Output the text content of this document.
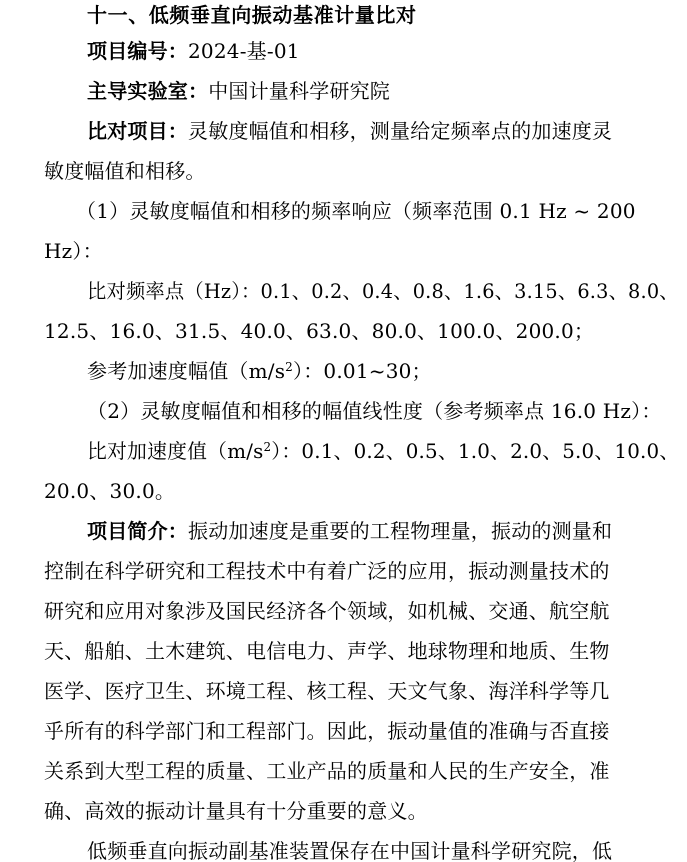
十一、低频垂直向振动基准计量比对
项目编号：2024-基-01
主导实验室：中国计量科学研究院
比对项目：灵敏度幅值和相移，测量给定频率点的加速度灵
敏度幅值和相移。
（1）灵敏度幅值和相移的频率响应（频率范围 0.1 Hz ~ 200
Hz）：
比对频率点（Hz）：0.1、0.2、0.4、0.8、1.6、3.15、6.3、8.0、
12.5、16.0、31.5、40.0、63.0、80.0、100.0、200.0；
参考加速度幅值$(m/s^2)$：0.01~30；
（2）灵敏度幅值和相移的幅值线性度（参考频率点 16.0 Hz）：
比对加速度值$(m/s^2)$：0.1、0.2、0.5、1.0、2.0、5.0、10.0、
20.0、30.0。
项目简介：振动加速度是重要的工程物理量，振动的测量和
控制在科学研究和工程技术中有着广泛的应用，振动测量技术的
研究和应用对象涉及国民经济各个领域，如机械、交通、航空航
天、船舶、土木建筑、电信电力、声学、地球物理和地质、生物
医学、医疗卫生、环境工程、核工程、天文气象、海洋科学等几
乎所有的科学部门和工程部门。因此，振动量值的准确与否直接
关系到大型工程的质量、工业产品的质量和人民的生产安全，准
确、高效的振动计量具有十分重要的意义。
低频垂直向振动副基准装置保存在中国计量科学研究院，低
